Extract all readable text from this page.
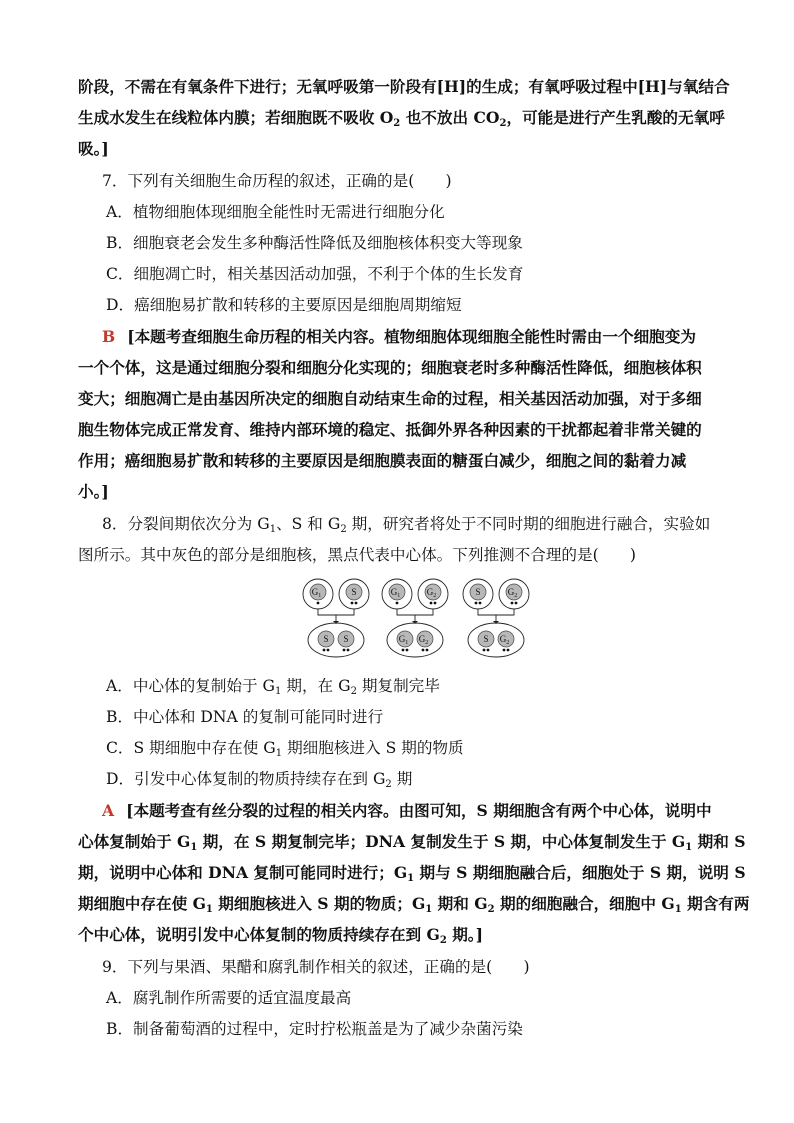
阶段，不需在有氧条件下进行；无氧呼吸第一阶段有[H]的生成；有氧呼吸过程中[H]与氧结合
生成水发生在线粒体内膜；若细胞既不吸收 $O_2$ 也不放出 $CO_2$，可能是进行产生乳酸的无氧呼
吸。]
7．下列有关细胞生命历程的叙述，正确的是(　　)
A．植物细胞体现细胞全能性时无需进行细胞分化
B．细胞衰老会发生多种酶活性降低及细胞核体积变大等现象
C．细胞凋亡时，相关基因活动加强，不利于个体的生长发育
D．癌细胞易扩散和转移的主要原因是细胞周期缩短
B [本题考查细胞生命历程的相关内容。植物细胞体现细胞全能性时需由一个细胞变为
一个个体，这是通过细胞分裂和细胞分化实现的；细胞衰老时多种酶活性降低，细胞核体积
变大；细胞凋亡是由基因所决定的细胞自动结束生命的过程，相关基因活动加强，对于多细
胞生物体完成正常发育、维持内部环境的稳定、抵御外界各种因素的干扰都起着非常关键的
作用；癌细胞易扩散和转移的主要原因是细胞膜表面的糖蛋白减少，细胞之间的黏着力减
小。]
8．分裂间期依次分为 $G_1$、S 和 $G_2$ 期，研究者将处于不同时期的细胞进行融合，实验如
图所示。其中灰色的部分是细胞核，黑点代表中心体。下列推测不合理的是(　　)
$G_1$	S	$G_1$	$G_2$	S	$G_2$
S S	$G_1$ $G_2$	S $G_2$
A．中心体的复制始于 $G_1$ 期，在 $G_2$ 期复制完毕
B．中心体和 DNA 的复制可能同时进行
C．S 期细胞中存在使 $G_1$ 期细胞核进入 S 期的物质
D．引发中心体复制的物质持续存在到 $G_2$ 期
A [本题考查有丝分裂的过程的相关内容。由图可知，S 期细胞含有两个中心体，说明中
心体复制始于 $G_1$ 期，在 S 期复制完毕；DNA 复制发生于 S 期，中心体复制发生于 $G_1$ 期和 S
期，说明中心体和 DNA 复制可能同时进行；$G_1$ 期与 S 期细胞融合后，细胞处于 S 期，说明 S
期细胞中存在使 $G_1$ 期细胞核进入 S 期的物质；$G_1$ 期和 $G_2$ 期的细胞融合，细胞中 $G_1$ 期含有两
个中心体，说明引发中心体复制的物质持续存在到 $G_2$ 期。]
9．下列与果酒、果醋和腐乳制作相关的叙述，正确的是(　　)
A．腐乳制作所需要的适宜温度最高
B．制备葡萄酒的过程中，定时拧松瓶盖是为了减少杂菌污染
